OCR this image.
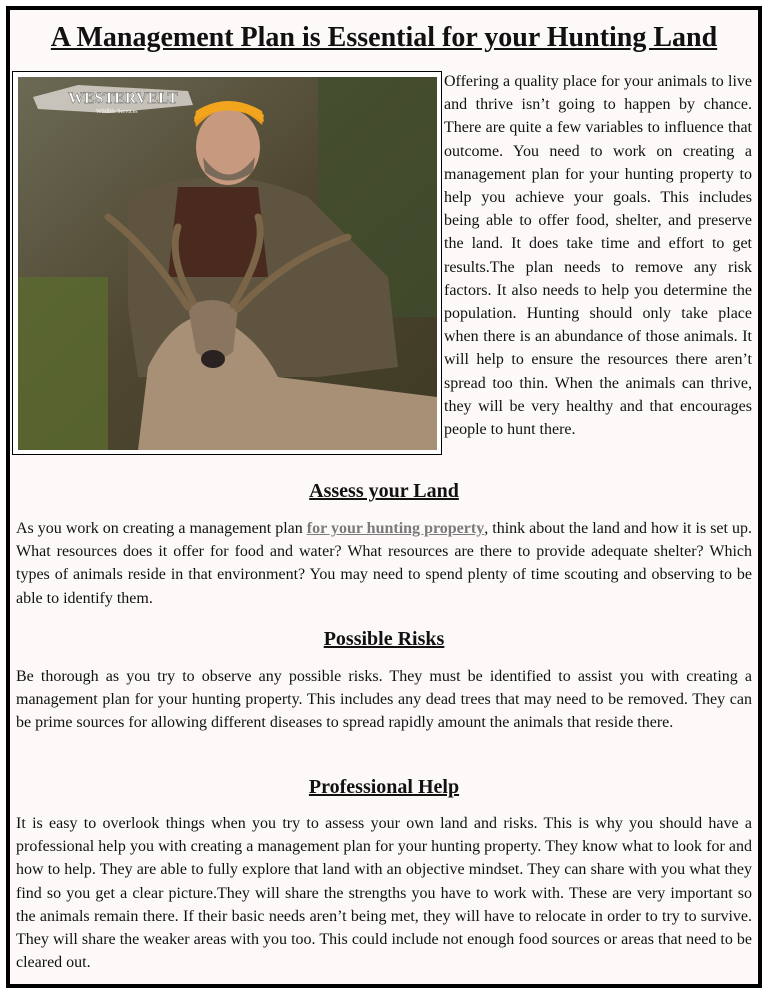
A Management Plan is Essential for your Hunting Land
WESTERVELT
Wildlife Services

Offering a quality place for your animals to live and thrive isn’t going to happen by chance. There are quite a few variables to influence that outcome. You need to work on creating a management plan for your hunting property to help you achieve your goals. This includes being able to offer food, shelter, and preserve the land. It does take time and effort to get results.The plan needs to remove any risk factors. It also needs to help you determine the population. Hunting should only take place when there is an abundance of those animals. It will help to ensure the resources there aren’t spread too thin. When the animals can thrive, they will be very healthy and that encourages people to hunt there.

Assess your Land

As you work on creating a management plan for your hunting property, think about the land and how it is set up. What resources does it offer for food and water? What resources are there to provide adequate shelter? Which types of animals reside in that environment? You may need to spend plenty of time scouting and observing to be able to identify them.

Possible Risks

Be thorough as you try to observe any possible risks. They must be identified to assist you with creating a management plan for your hunting property. This includes any dead trees that may need to be removed. They can be prime sources for allowing different diseases to spread rapidly amount the animals that reside there.

Professional Help

It is easy to overlook things when you try to assess your own land and risks. This is why you should have a professional help you with creating a management plan for your hunting property. They know what to look for and how to help. They are able to fully explore that land with an objective mindset. They can share with you what they find so you get a clear picture.They will share the strengths you have to work with. These are very important so the animals remain there. If their basic needs aren’t being met, they will have to relocate in order to try to survive. They will share the weaker areas with you too. This could include not enough food sources or areas that need to be cleared out.
